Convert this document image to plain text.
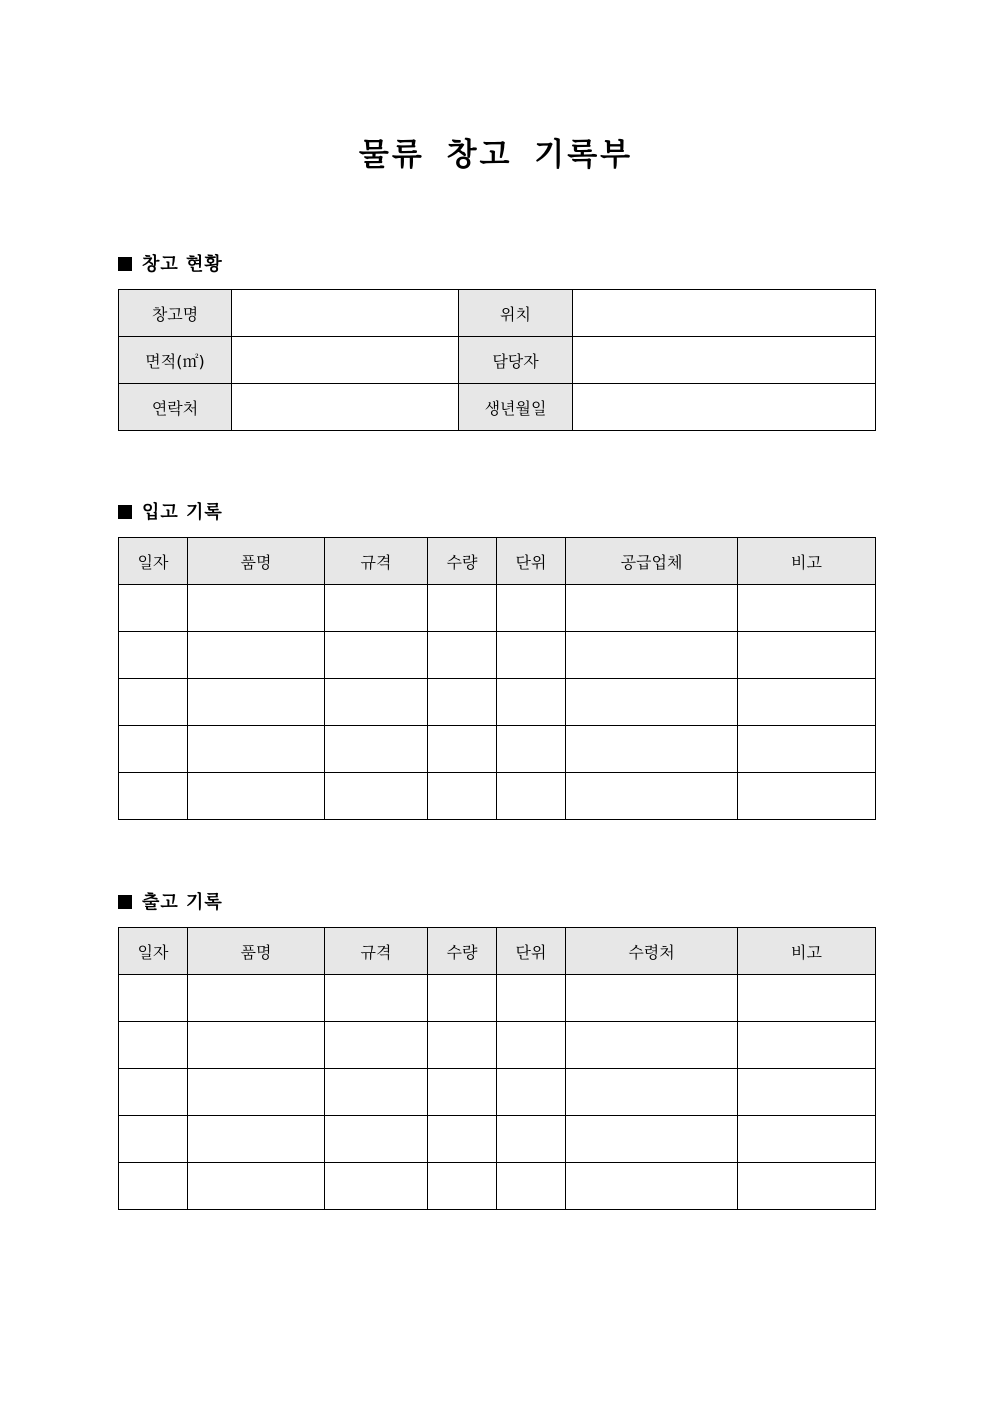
물류 창고 기록부
창고 현황
창고명		위치	
면적(㎡)		담당자	
연락처		생년월일	
입고 기록
일자	품명	규격	수량	단위	공급업체	비고

출고 기록
일자	품명	규격	수량	단위	수령처	비고
